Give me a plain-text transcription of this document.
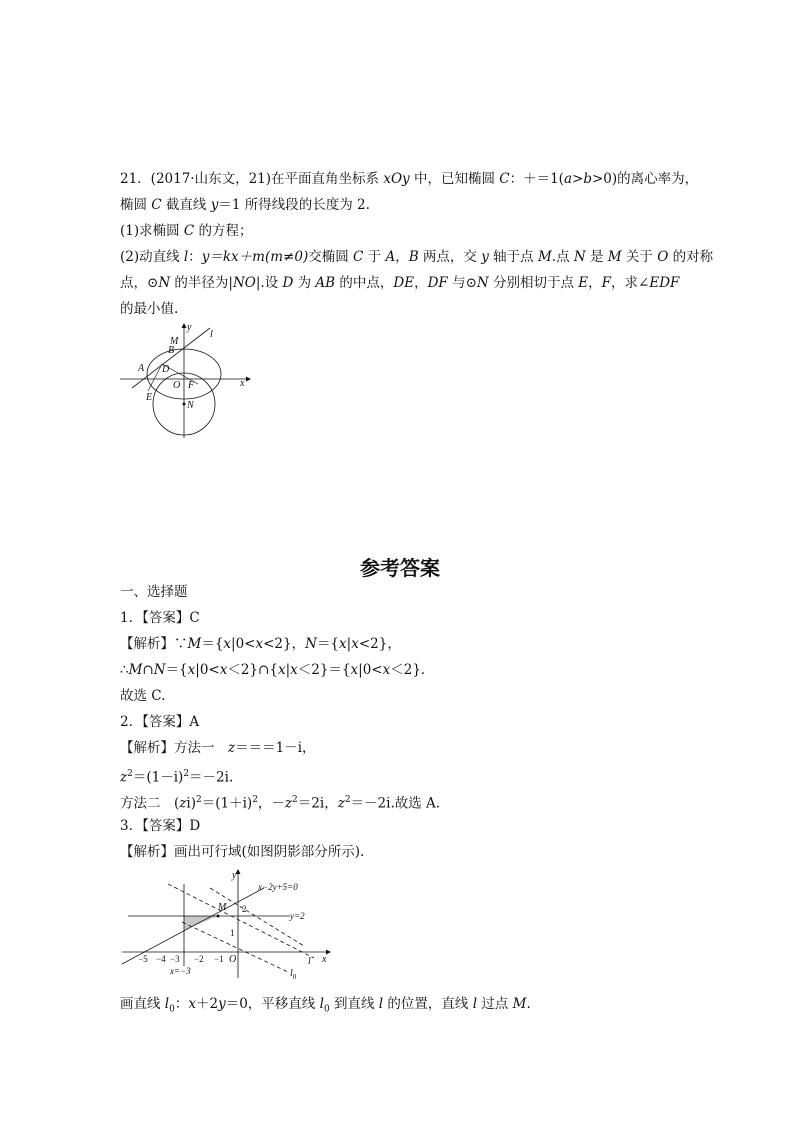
21．(2017·山东文，21)在平面直角坐标系 xOy 中，已知椭圆 C：＋＝1(a>b>0)的离心率为，
椭圆 C 截直线 y＝1 所得线段的长度为 2.
(1)求椭圆 C 的方程；
(2)动直线 l：y＝kx＋m(m≠0)交椭圆 C 于 A，B 两点，交 y 轴于点 M.点 N 是 M 关于 O 的对称
点，⊙N 的半径为|NO|.设 D 为 AB 的中点，DE，DF 与⊙N 分别相切于点 E，F，求∠EDF
的最小值.
y
l
M
B
A D
O F	x
E
N
参考答案
一、选择题
1．【答案】C
【解析】∵M＝{x|0<x<2}，N＝{x|x<2}，
∴M∩N＝{x|0<x＜2}∩{x|x＜2}＝{x|0<x＜2}．
故选 C.
2．【答案】A
【解析】方法一　z＝＝＝1－i，
$z^2=(1-i)^2=-2i$.
方法二　$(zi)^2=(1+i)^2$，$-z^2=2i$，$z^2=-2i$.故选 A.
3．【答案】D
【解析】画出可行域(如图阴影部分所示).
y
x−2y+5=0
M 2
y=2
1
−5 −4 −3 −2 −1 O	x
x=−3
l
$l_0$
画直线 $l_0$：x＋2y＝0，平移直线 $l_0$ 到直线 l 的位置，直线 l 过点 M.
